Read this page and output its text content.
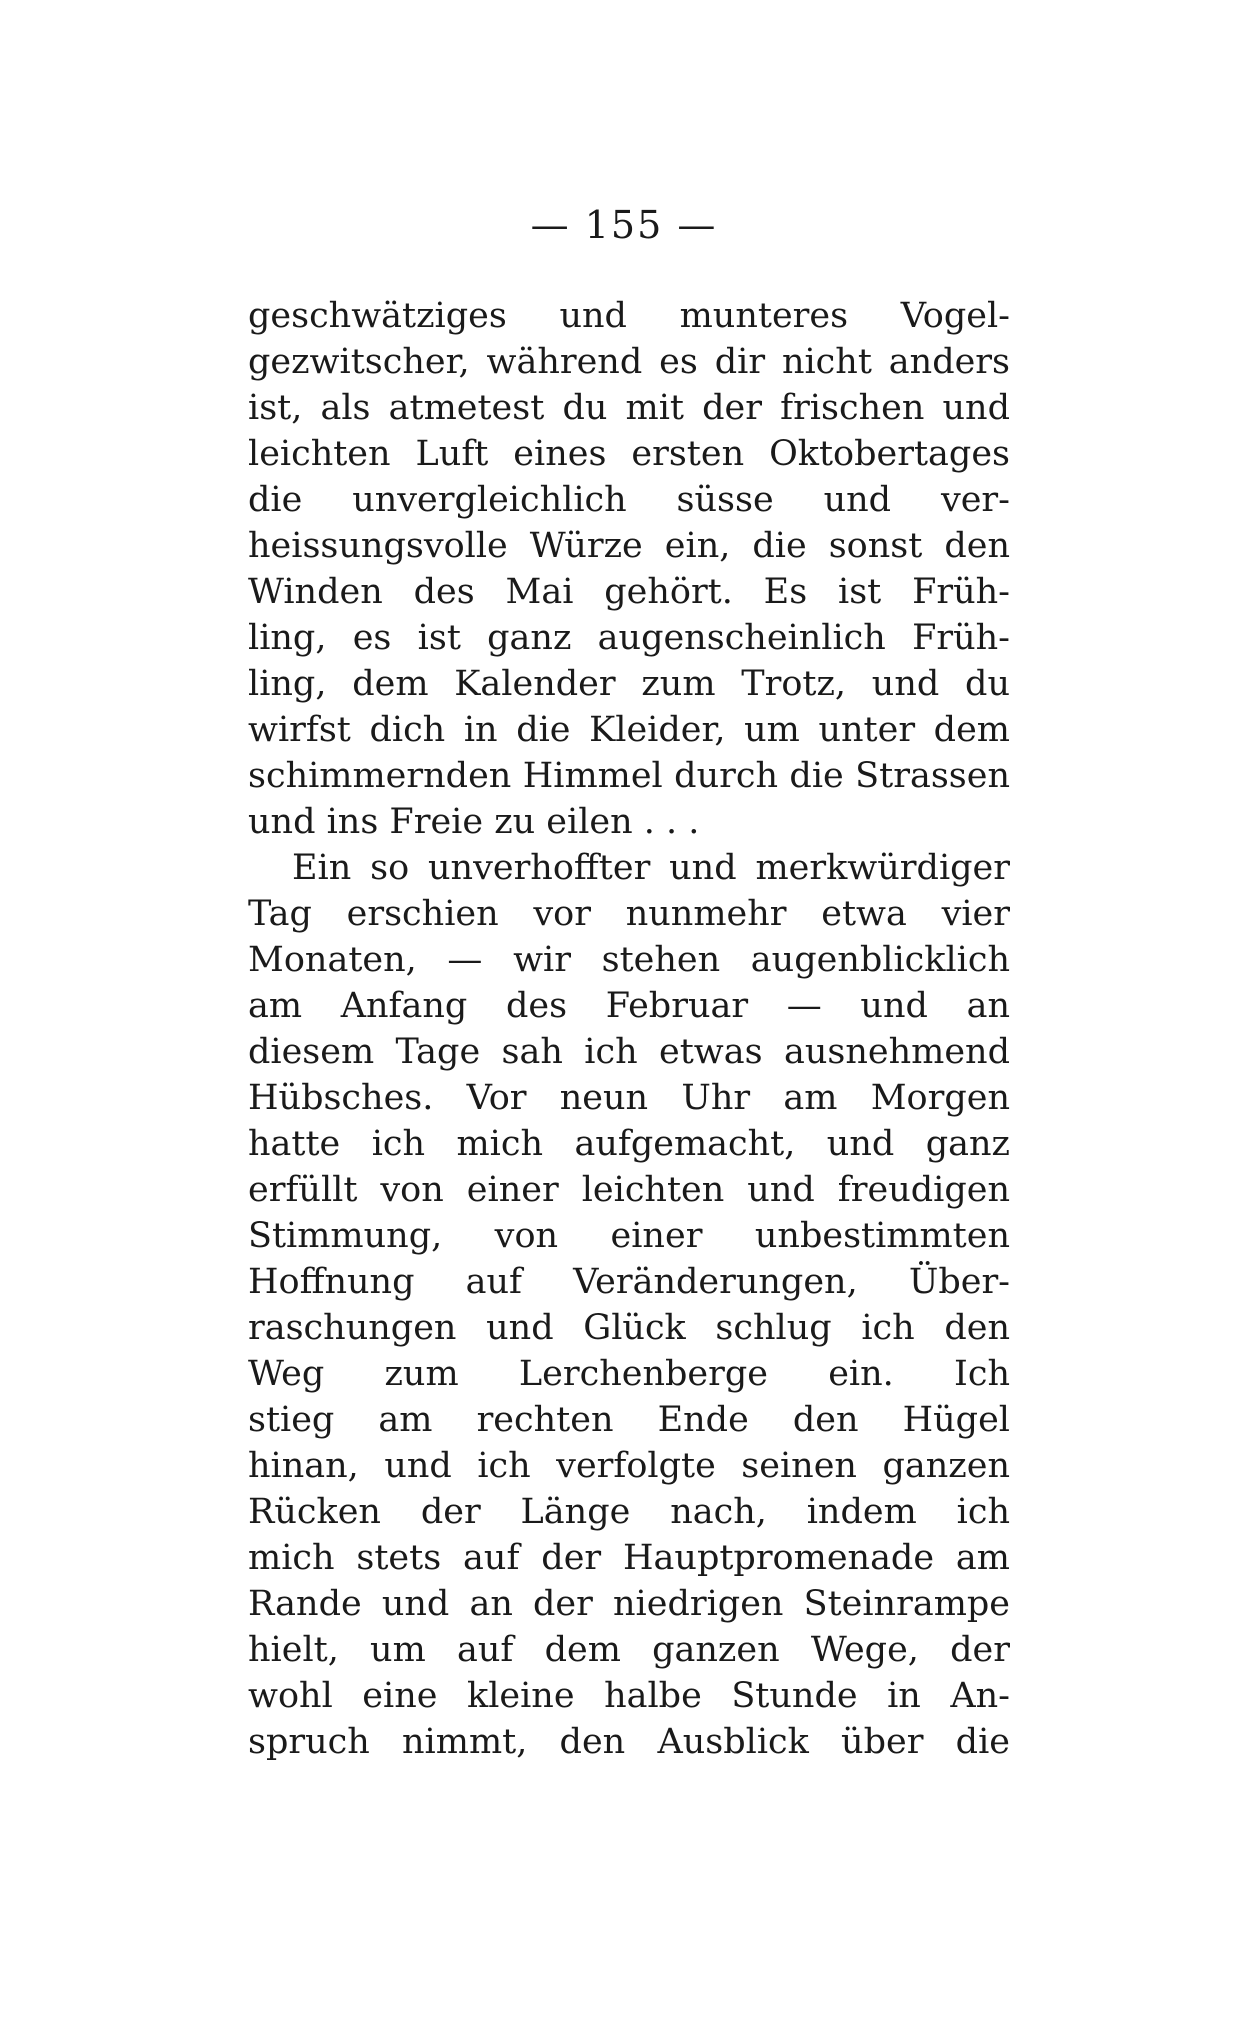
— 155 —
geschwätziges und munteres Vogel-
gezwitscher, während es dir nicht anders
ist, als atmetest du mit der frischen und
leichten Luft eines ersten Oktobertages
die unvergleichlich süsse und ver-
heissungsvolle Würze ein, die sonst den
Winden des Mai gehört. Es ist Früh-
ling, es ist ganz augenscheinlich Früh-
ling, dem Kalender zum Trotz, und du
wirfst dich in die Kleider, um unter dem
schimmernden Himmel durch die Strassen
und ins Freie zu eilen . . .
Ein so unverhoffter und merkwürdiger
Tag erschien vor nunmehr etwa vier
Monaten, — wir stehen augenblicklich
am Anfang des Februar — und an
diesem Tage sah ich etwas ausnehmend
Hübsches. Vor neun Uhr am Morgen
hatte ich mich aufgemacht, und ganz
erfüllt von einer leichten und freudigen
Stimmung, von einer unbestimmten
Hoffnung auf Veränderungen, Über-
raschungen und Glück schlug ich den
Weg zum Lerchenberge ein. Ich
stieg am rechten Ende den Hügel
hinan, und ich verfolgte seinen ganzen
Rücken der Länge nach, indem ich
mich stets auf der Hauptpromenade am
Rande und an der niedrigen Steinrampe
hielt, um auf dem ganzen Wege, der
wohl eine kleine halbe Stunde in An-
spruch nimmt, den Ausblick über die
